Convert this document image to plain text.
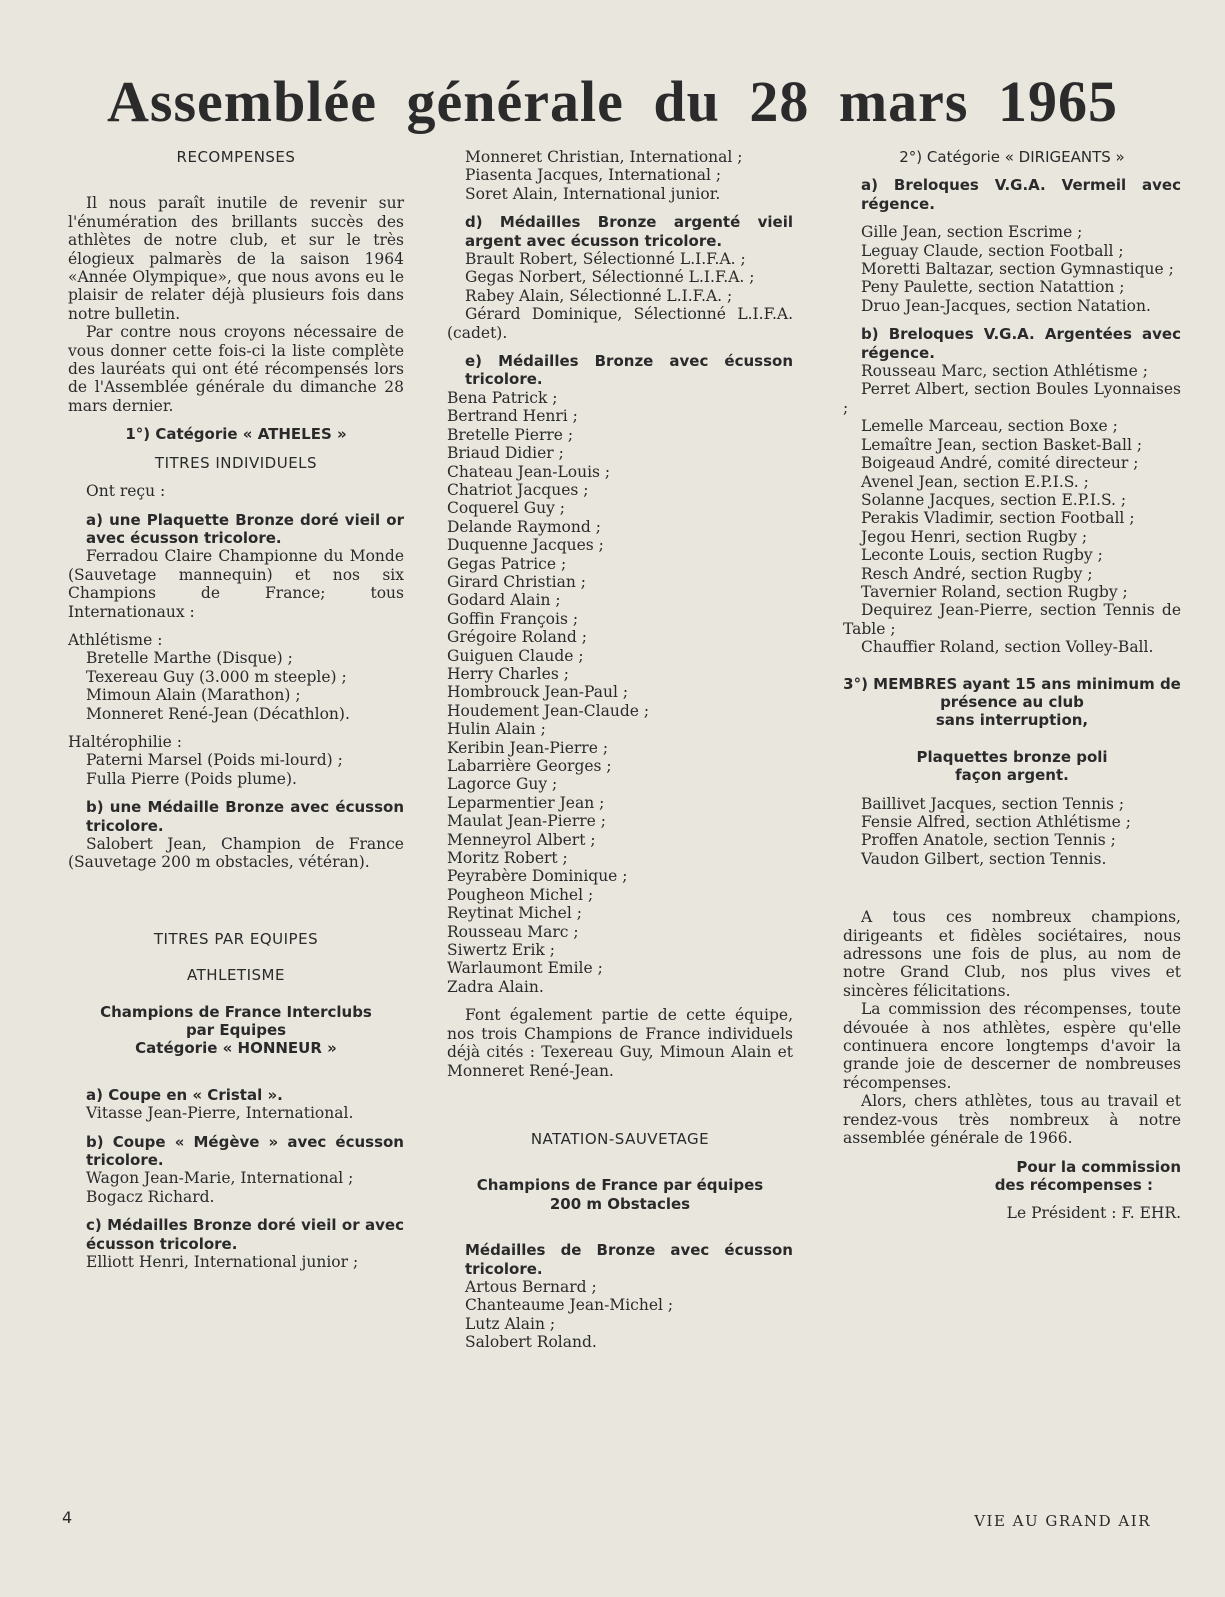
Assemblée générale du 28 mars 1965

RECOMPENSES

Il nous paraît inutile de revenir sur l'énumération des brillants succès des athlètes de notre club, et sur le très élogieux palmarès de la saison 1964 «Année Olympique», que nous avons eu le plaisir de relater déjà plusieurs fois dans notre bulletin.

Par contre nous croyons nécessaire de vous donner cette fois-ci la liste complète des lauréats qui ont été récompensés lors de l'Assemblée générale du dimanche 28 mars dernier.

1°) Catégorie « ATHELES »

TITRES INDIVIDUELS

Ont reçu :

a) une Plaquette Bronze doré vieil or avec écusson tricolore.

Ferradou Claire Championne du Monde (Sauvetage mannequin) et nos six Champions de France; tous Internationaux :

Athlétisme :

Bretelle Marthe (Disque) ;

Texereau Guy (3.000 m steeple) ;

Mimoun Alain (Marathon) ;

Monneret René-Jean (Décathlon).

Haltérophilie :

Paterni Marsel (Poids mi-lourd) ;

Fulla Pierre (Poids plume).

b) une Médaille Bronze avec écusson tricolore.

Salobert Jean, Champion de France (Sauvetage 200 m obstacles, vétéran).

TITRES PAR EQUIPES

ATHLETISME

Champions de France Interclubs

par Equipes

Catégorie « HONNEUR »

a) Coupe en « Cristal ».

Vitasse Jean-Pierre, International.

b) Coupe « Mégève » avec écusson tricolore.

Wagon Jean-Marie, International ;

Bogacz Richard.

c) Médailles Bronze doré vieil or avec écusson tricolore.

Elliott Henri, International junior ;

Monneret Christian, International ;

Piasenta Jacques, International ;

Soret Alain, International junior.

d) Médailles Bronze argenté vieil argent avec écusson tricolore.

Brault Robert, Sélectionné L.I.F.A. ;

Gegas Norbert, Sélectionné L.I.F.A. ;

Rabey Alain, Sélectionné L.I.F.A. ;

Gérard Dominique, Sélectionné L.I.F.A. (cadet).

e) Médailles Bronze avec écusson tricolore.

Bena Patrick ;

Bertrand Henri ;

Bretelle Pierre ;

Briaud Didier ;

Chateau Jean-Louis ;

Chatriot Jacques ;

Coquerel Guy ;

Delande Raymond ;

Duquenne Jacques ;

Gegas Patrice ;

Girard Christian ;

Godard Alain ;

Goffin François ;

Grégoire Roland ;

Guiguen Claude ;

Herry Charles ;

Hombrouck Jean-Paul ;

Houdement Jean-Claude ;

Hulin Alain ;

Keribin Jean-Pierre ;

Labarrière Georges ;

Lagorce Guy ;

Leparmentier Jean ;

Maulat Jean-Pierre ;

Menneyrol Albert ;

Moritz Robert ;

Peyrabère Dominique ;

Pougheon Michel ;

Reytinat Michel ;

Rousseau Marc ;

Siwertz Erik ;

Warlaumont Emile ;

Zadra Alain.

Font également partie de cette équipe, nos trois Champions de France individuels déjà cités : Texereau Guy, Mimoun Alain et Monneret René-Jean.

NATATION-SAUVETAGE

Champions de France par équipes

200 m Obstacles

Médailles de Bronze avec écusson tricolore.

Artous Bernard ;

Chanteaume Jean-Michel ;

Lutz Alain ;

Salobert Roland.

2°) Catégorie « DIRIGEANTS »

a) Breloques V.G.A. Vermeil avec régence.

Gille Jean, section Escrime ;

Leguay Claude, section Football ;

Moretti Baltazar, section Gymnastique ;

Peny Paulette, section Natattion ;

Druo Jean-Jacques, section Natation.

b) Breloques V.G.A. Argentées avec régence.

Rousseau Marc, section Athlétisme ;

Perret Albert, section Boules Lyonnaises ;

Lemelle Marceau, section Boxe ;

Lemaître Jean, section Basket-Ball ;

Boigeaud André, comité directeur ;

Avenel Jean, section E.P.I.S. ;

Solanne Jacques, section E.P.I.S. ;

Perakis Vladimir, section Football ;

Jegou Henri, section Rugby ;

Leconte Louis, section Rugby ;

Resch André, section Rugby ;

Tavernier Roland, section Rugby ;

Dequirez Jean-Pierre, section Tennis de Table ;

Chauffier Roland, section Volley-Ball.

3°) MEMBRES ayant 15 ans minimum de présence au club

sans interruption,

Plaquettes bronze poli

façon argent.

Baillivet Jacques, section Tennis ;

Fensie Alfred, section Athlétisme ;

Proffen Anatole, section Tennis ;

Vaudon Gilbert, section Tennis.

A tous ces nombreux champions, dirigeants et fidèles sociétaires, nous adressons une fois de plus, au nom de notre Grand Club, nos plus vives et sincères félicitations.

La commission des récompenses, toute dévouée à nos athlètes, espère qu'elle continuera encore longtemps d'avoir la grande joie de descerner de nombreuses récompenses.

Alors, chers athlètes, tous au travail et rendez-vous très nombreux à notre assemblée générale de 1966.

Pour la commission

des récompenses :

Le Président : F. EHR.

4	VIE AU GRAND AIR
